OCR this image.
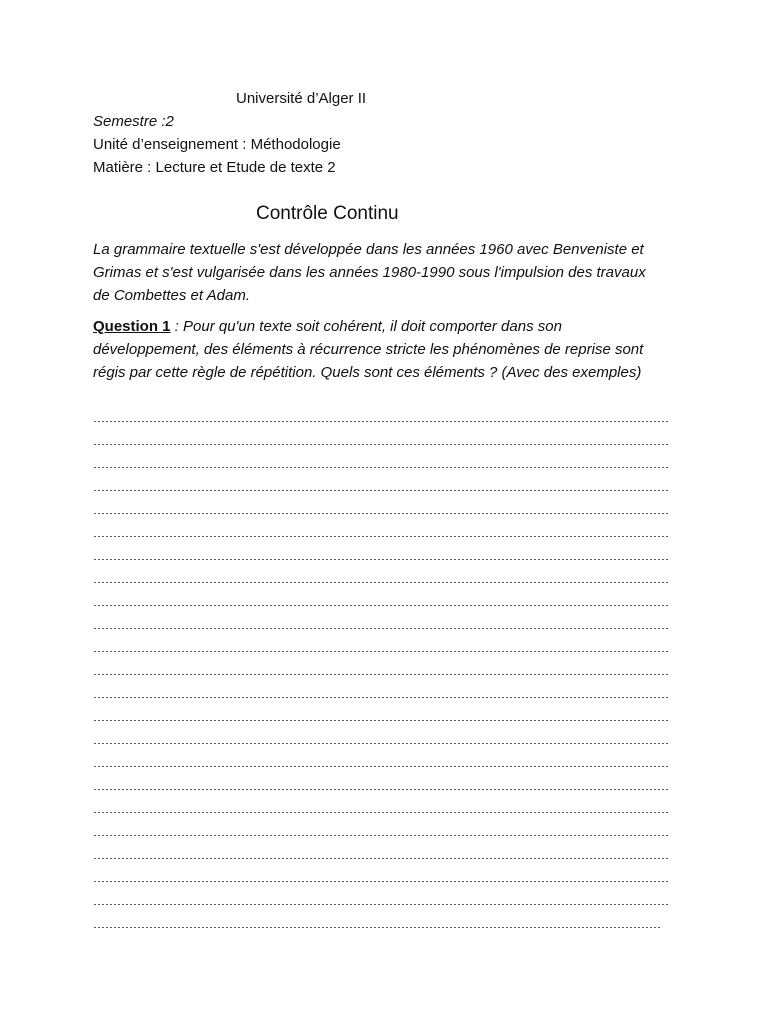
Université d’Alger II
Semestre :2
Unité d’enseignement : Méthodologie
Matière : Lecture et Etude de texte 2
Contrôle Continu
La grammaire textuelle s'est développée dans les années 1960 avec Benveniste et Grimas et s'est vulgarisée dans les années 1980-1990 sous l'impulsion des travaux de Combettes et Adam.
Question 1 : Pour qu'un texte soit cohérent, il doit comporter dans son développement, des éléments à récurrence stricte les phénomènes de reprise sont régis par cette règle de répétition. Quels sont ces éléments ? (Avec des exemples)
